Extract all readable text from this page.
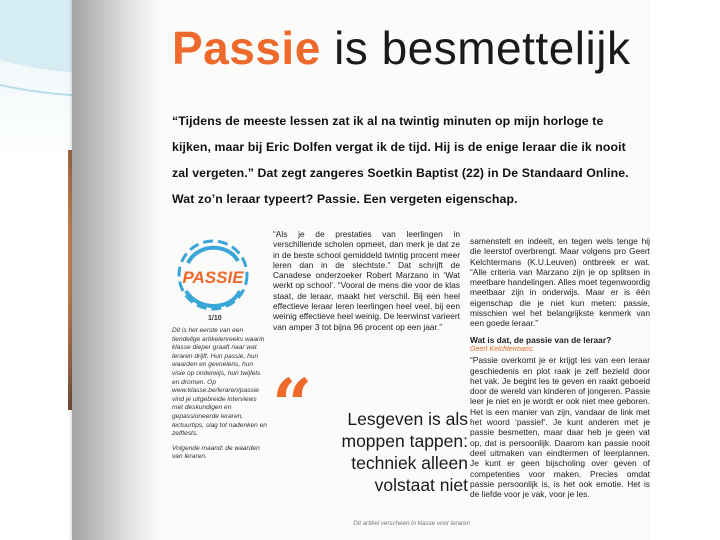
Passie is besmettelijk

“Tijdens de meeste lessen zat ik al na twintig minuten op mijn horloge te

kijken, maar bij Eric Dolfen vergat ik de tijd. Hij is de enige leraar die ik nooit

zal vergeten.” Dat zegt zangeres Soetkin Baptist (22) in De Standaard Online.

Wat zo’n leraar typeert? Passie. Een vergeten eigenschap.

PASSIE
1/10

Dit is het eerste van een tiendelige artikelenreeks waarin klasse dieper graaft naar wat leraren drijft. Hun passie, hun waarden en gevoelens, hun visie op onderwijs, hun twijfels en dromen. Op www.klasse.be/leraren/passie vind je uitgebreide interviews met deskundigen en gepassioneerde leraren, lectuurtips, slag tot nadenken en zelftests.

Volgende maand: de waarden van leraren.

“Als je de prestaties van leerlingen in verschillende scholen opmeet, dan merk je dat ze in de beste school gemiddeld twintig procent meer leren dan in de slechtste.” Dat schrijft de Canadese onderzoeker Robert Marzano in ‘Wat werkt op school’. “Vooral de mens die voor de klas staat, de leraar, maakt het verschil. Bij een heel effectieve leraar leren leerlingen heel veel, bij een weinig effectieve heel weinig. De leerwinst varieert van amper 3 tot bijna 96 procent op een jaar.”
samenstelt en indeelt, en tegen wels tenge hij die leerstof overbrengt. Maar volgens pro Geert Kelchtermans (K.U.Leuven) ontbreek er wat. “Alle criteria van Marzano zijn je op splitsen in meetbare handelingen. Alles moet tegenwoordig meetbaar zijn in onderwijs. Maar er is één eigenschap die je niet kun meten: passie, misschien wel het belangrijkste kenmerk van een goede leraar.”
Wat is dat, de passie van de leraar?
Geert Kelchtermans:
“Passie overkomt je er krijgt les van een leraar geschiedenis en plot raak je zelf bezield door het vak. Je begint les te geven en raakt geboeid door de wereld van kinderen of jongeren. Passie leer je niet en je wordt er ook niet mee geboren. Het is een manier van zijn, vandaar de link met het woord ‘passief’. Je kunt anderen met je passie besmetten, maar daar heb je geen vat op, dat is persoonlijk. Daarom kan passie nooit deel uitmaken van eindtermen of leerplannen. Je kunt er geen bijscholing over geven of competenties voor maken. Precies omdat passie persoonlijk is, is het ook emotie. Het is de liefde voor je vak, voor je les.
“	Lesgeven is als
moppen tappen:
techniek alleen
volstaat niet
Dit artikel verscheen in klasse voor leraren
